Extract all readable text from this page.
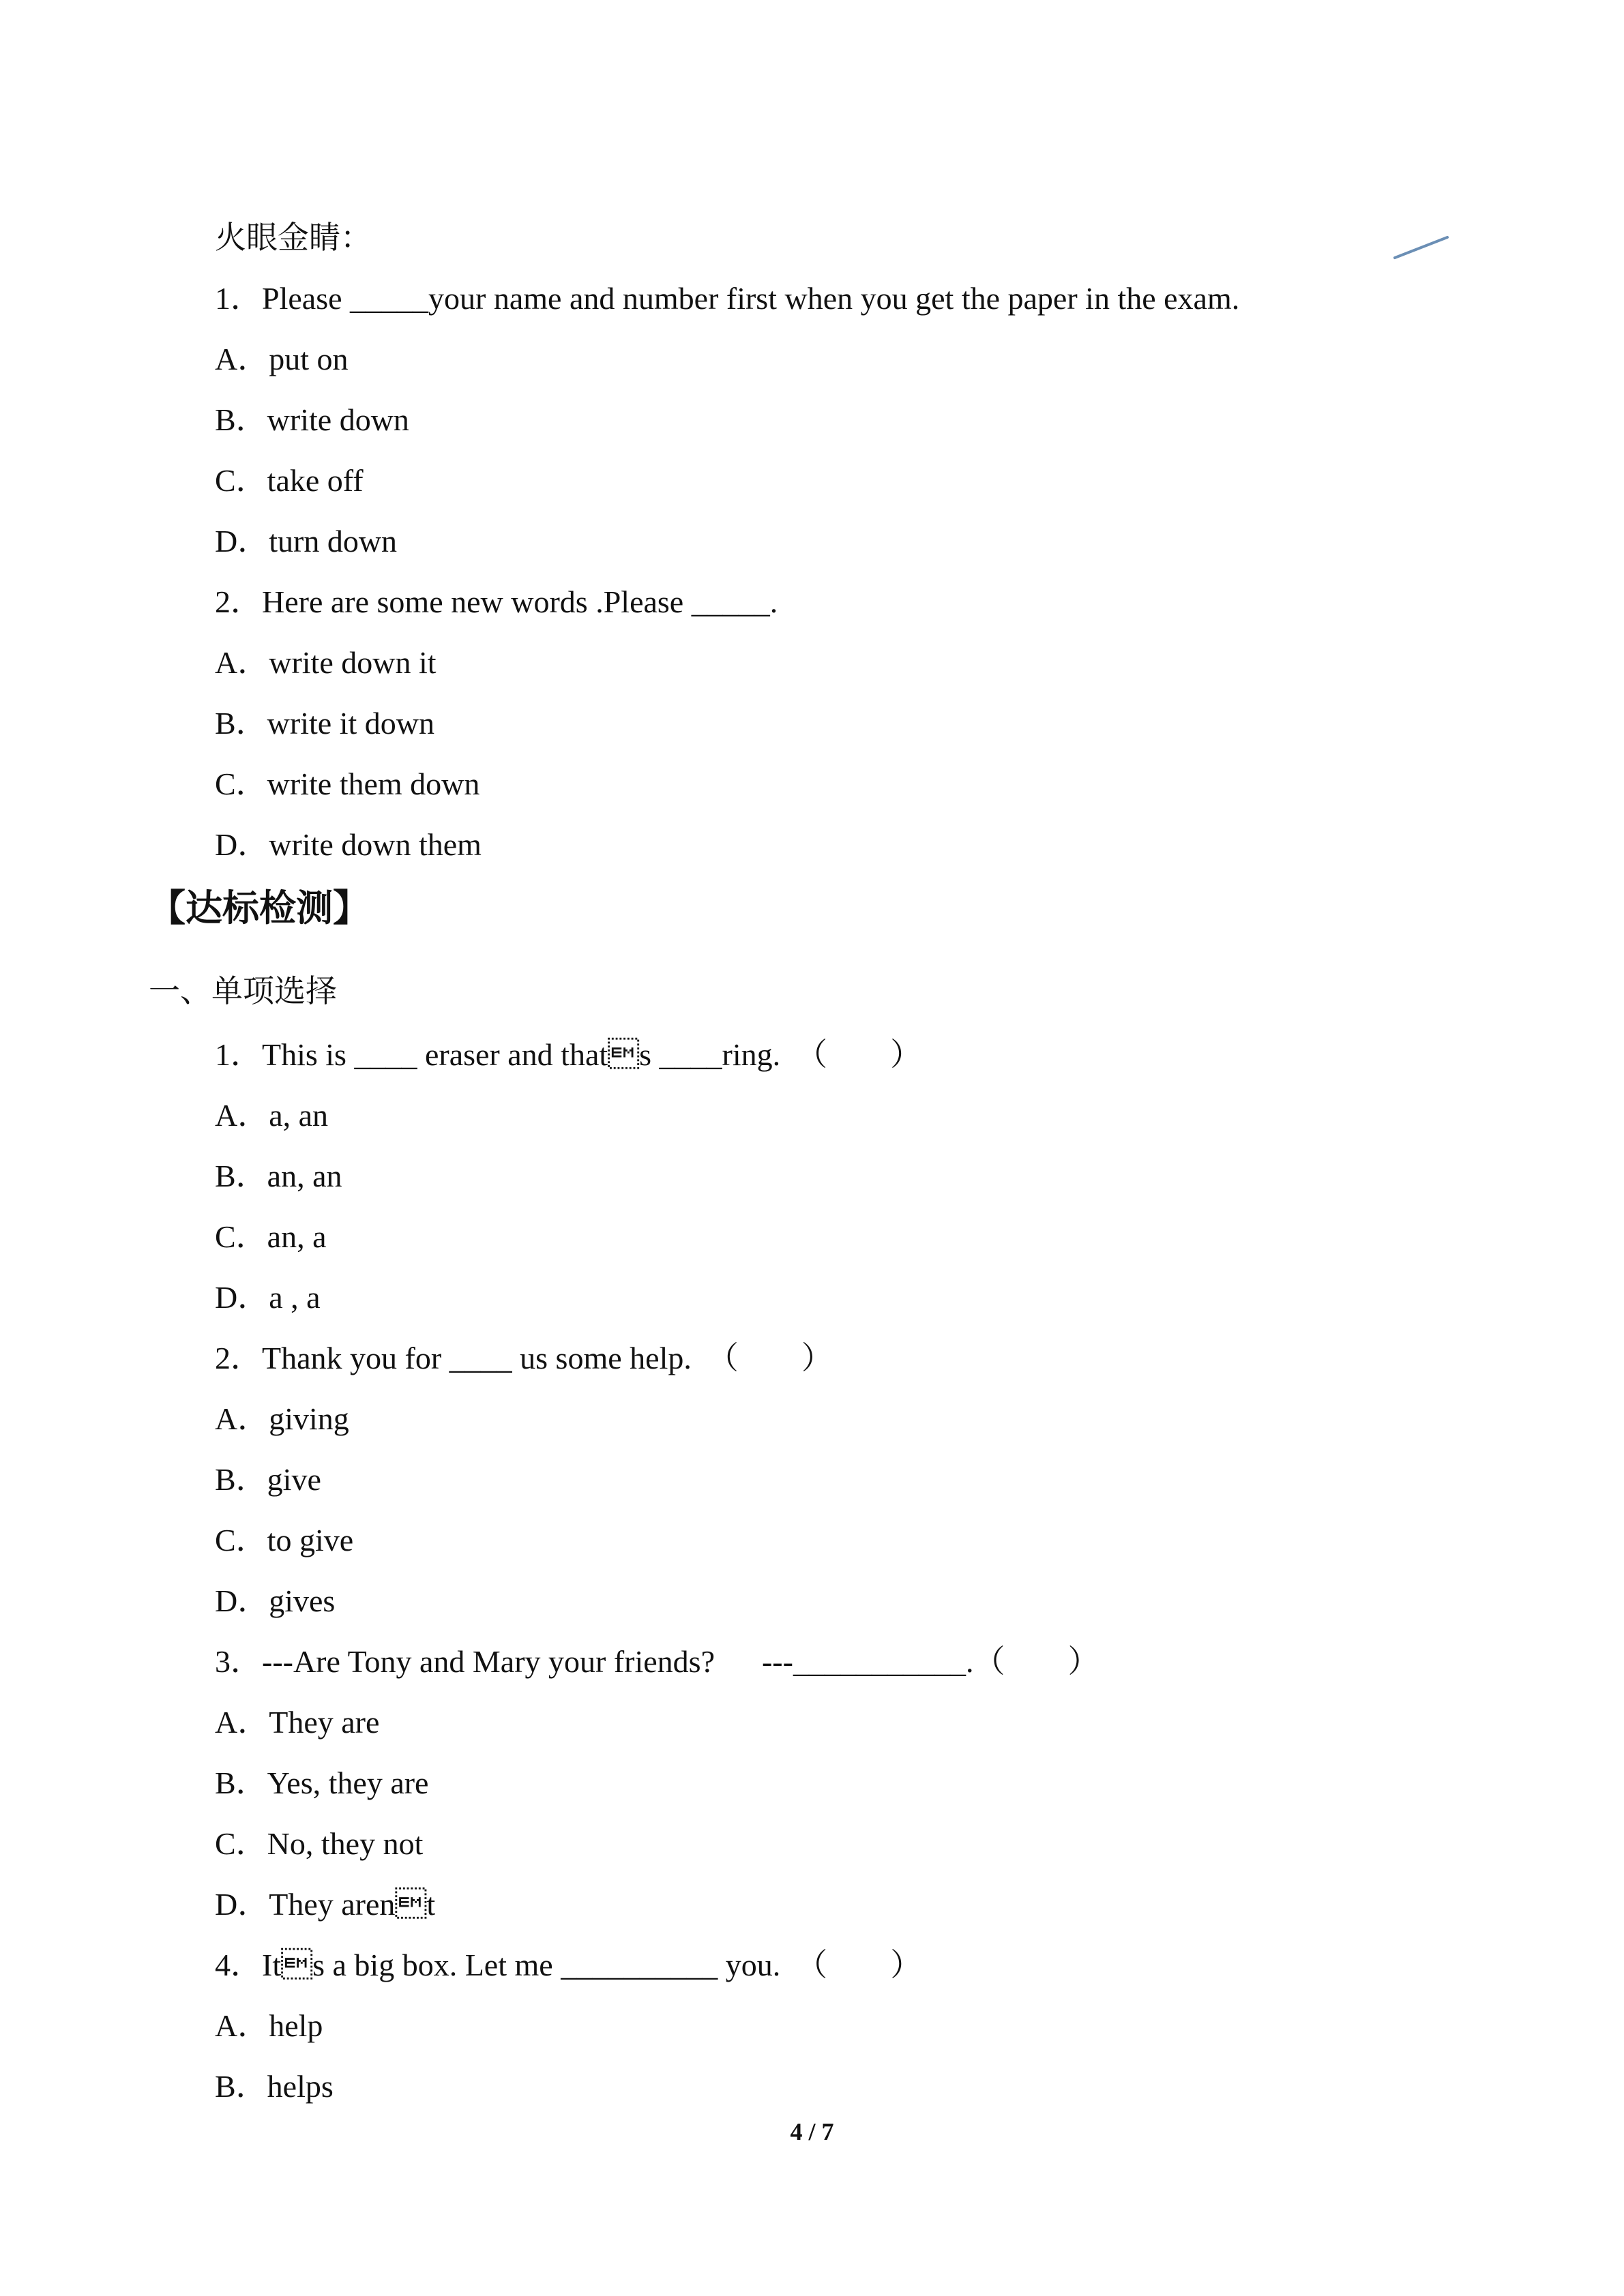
火眼金睛：
1．Please _____your name and number first when you get the paper in the exam.
A．put on
B．write down
C．take off
D．turn down
2．Here are some new words .Please _____.
A．write down it
B．write it down
C．write them down
D．write down them
【达标检测】
一、单项选择
1．This is ____ eraser and thats ____ring.  （        ）
A．a, an
B．an, an
C．an, a
D．a , a
2．Thank you for ____ us some help.  （        ）
A．giving
B．give
C．to give
D．gives
3．---Are Tony and Mary your friends?      ---___________.（        ）
A．They are
B．Yes, they are
C．No, they not
D．They arent
4．Its a big box. Let me __________ you.  （        ）
A．help
B．helps
4 / 7
